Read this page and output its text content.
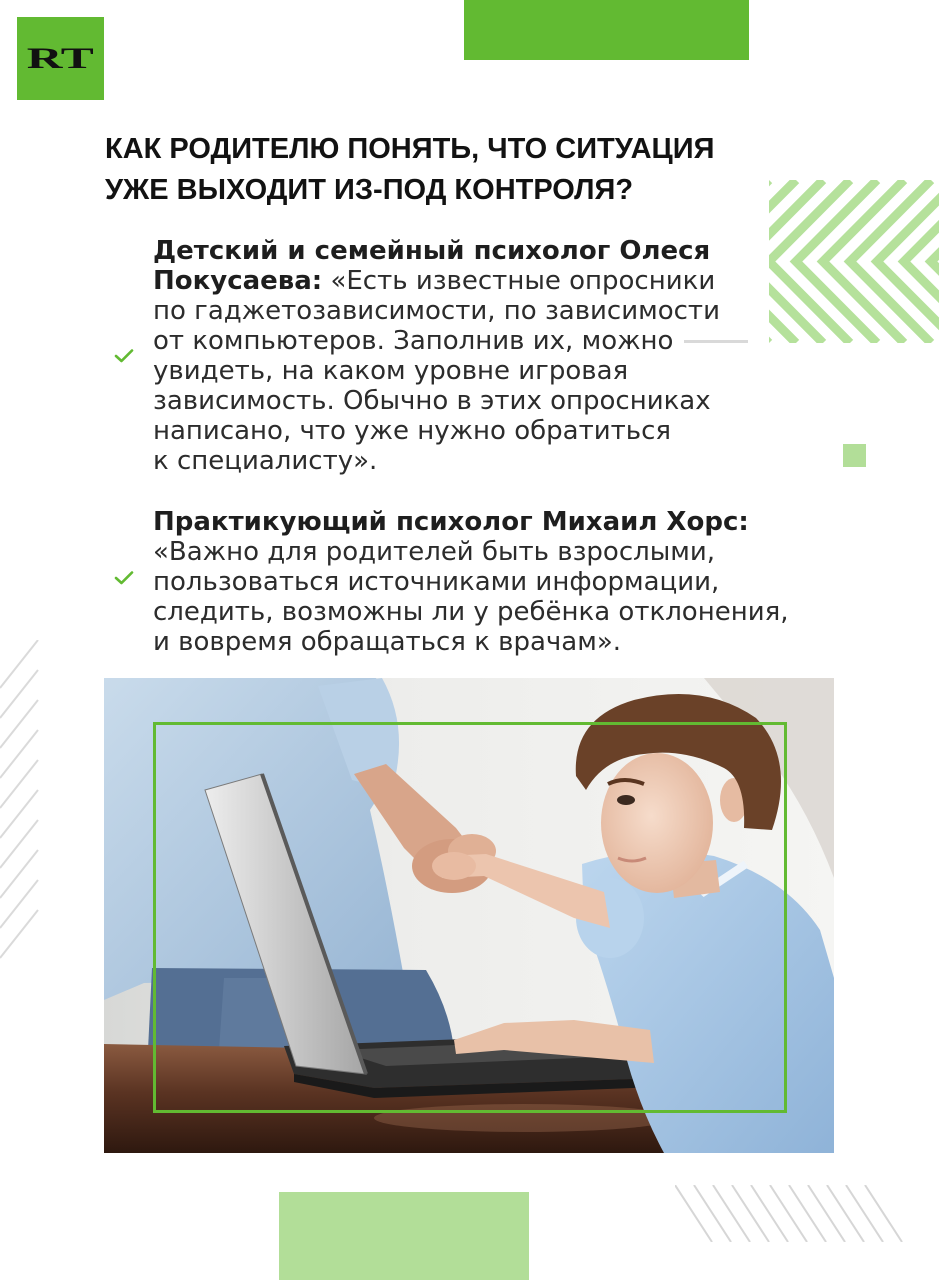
RT
КАК РОДИТЕЛЮ ПОНЯТЬ, ЧТО СИТУАЦИЯ
УЖЕ ВЫХОДИТ ИЗ-ПОД КОНТРОЛЯ?
Детский и семейный психолог Олеся
Покусаева: «Есть известные опросники
по гаджетозависимости, по зависимости
от компьютеров. Заполнив их, можно
увидеть, на каком уровне игровая
зависимость. Обычно в этих опросниках
написано, что уже нужно обратиться
к специалисту».
Практикующий психолог Михаил Хорс:
«Важно для родителей быть взрослыми,
пользоваться источниками информации,
следить, возможны ли у ребёнка отклонения,
и вовремя обращаться к врачам».
